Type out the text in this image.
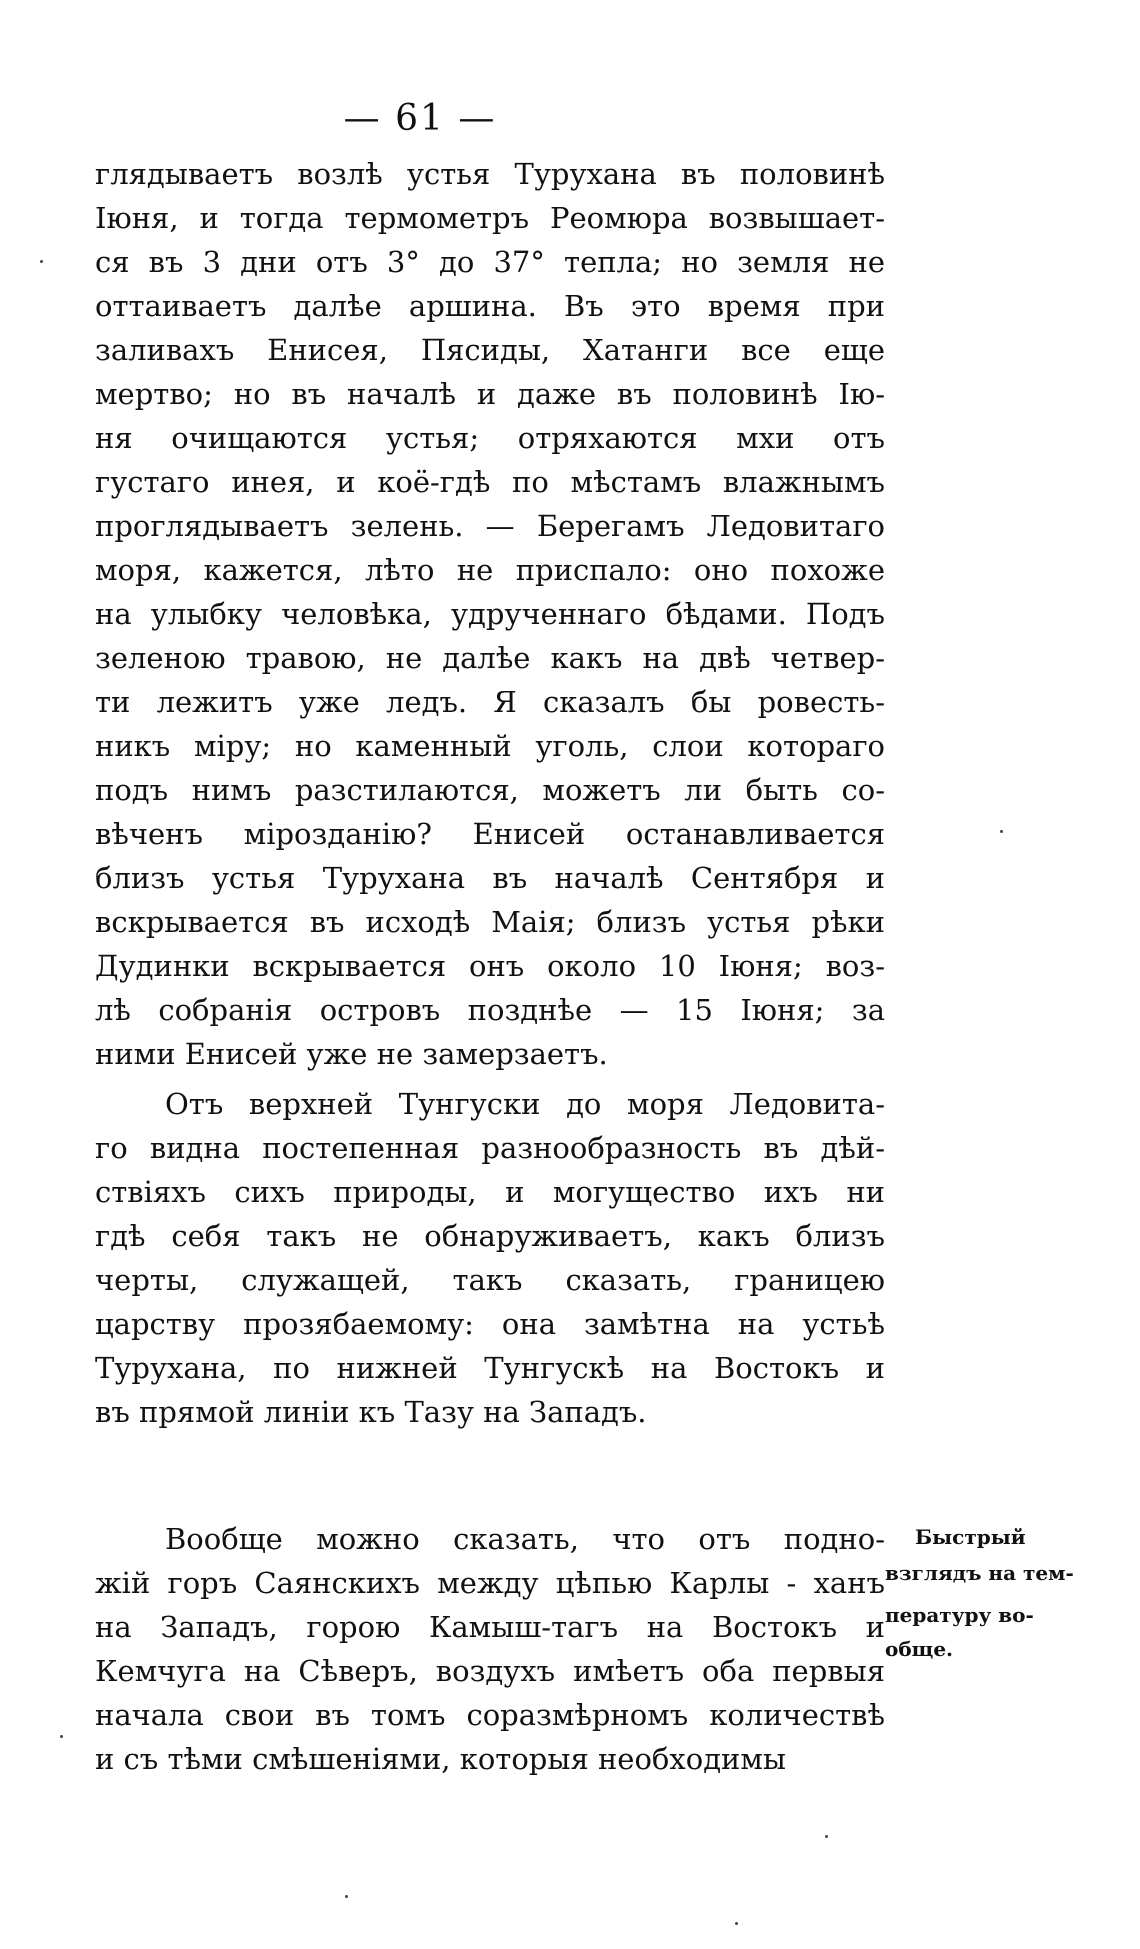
— 61 —
глядываетъ возлѣ устья Турухана въ половинѣ
Іюня, и тогда термометръ Реомюра возвышает-
ся въ 3 дни отъ 3° до 37° тепла; но земля не
оттаиваетъ далѣе аршина. Въ это время при
заливахъ Енисея, Пясиды, Хатанги все еще
мертво; но въ началѣ и даже въ половинѣ Ію-
ня очищаются устья; отряхаются мхи отъ
густаго инея, и коё-гдѣ по мѣстамъ влажнымъ
проглядываетъ зелень. — Берегамъ Ледовитаго
моря, кажется, лѣто не приспало: оно похоже
на улыбку человѣка, удрученнаго бѣдами. Подъ
зеленою травою, не далѣе какъ на двѣ четвер-
ти лежитъ уже ледъ. Я сказалъ бы ровесть-
никъ міру; но каменный уголь, слои котораго
подъ нимъ разстилаются, можетъ ли быть со-
вѣченъ мірозданію? Енисей останавливается
близъ устья Турухана въ началѣ Сентября и
вскрывается въ исходѣ Маія; близъ устья рѣки
Дудинки вскрывается онъ около 10 Іюня; воз-
лѣ собранія островъ позднѣе — 15 Іюня; за
ними Енисей уже не замерзаетъ.
Отъ верхней Тунгуски до моря Ледовита-
го видна постепенная разнообразность въ дѣй-
ствіяхъ сихъ природы, и могущество ихъ ни
гдѣ себя такъ не обнаруживаетъ, какъ близъ
черты, служащей, такъ сказать, границею
царству прозябаемому: она замѣтна на устьѣ
Турухана, по нижней Тунгускѣ на Востокъ и
въ прямой линіи къ Тазу на Западъ.
Вообще можно сказать, что отъ подно-
жій горъ Саянскихъ между цѣпью Карлы - ханъ
на Западъ, горою Камыш-тагъ на Востокъ и
Кемчуга на Сѣверъ, воздухъ имѣетъ оба первыя
начала свои въ томъ соразмѣрномъ количествѣ
и съ тѣми смѣшеніями, которыя необходимы
Быстрый
взглядъ на тем-
пературу во-
обще.
